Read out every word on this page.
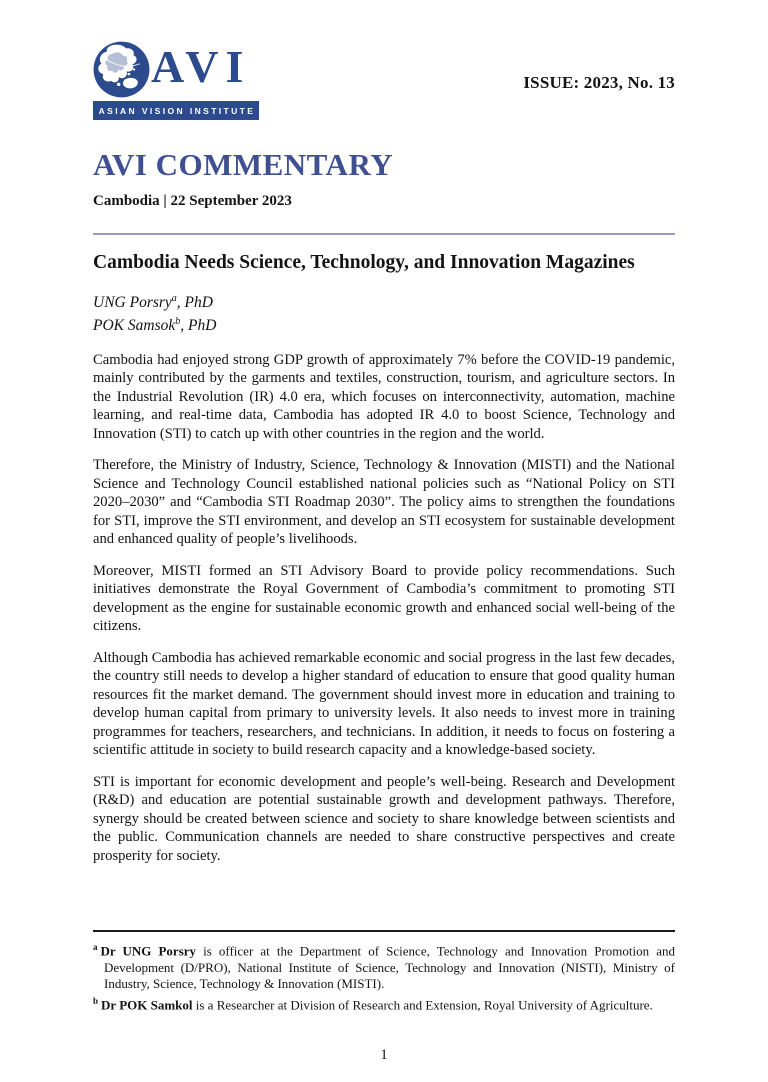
AVI
ASIAN VISION INSTITUTE
ISSUE: 2023, No. 13
AVI COMMENTARY
Cambodia | 22 September 2023
Cambodia Needs Science, Technology, and Innovation Magazines
UNG Porsry$^a$, PhD
POK Samsok$^b$, PhD

Cambodia had enjoyed strong GDP growth of approximately 7% before the COVID-19 pandemic, mainly contributed by the garments and textiles, construction, tourism, and agriculture sectors. In the Industrial Revolution (IR) 4.0 era, which focuses on interconnectivity, automation, machine learning, and real-time data, Cambodia has adopted IR 4.0 to boost Science, Technology and Innovation (STI) to catch up with other countries in the region and the world.

Therefore, the Ministry of Industry, Science, Technology & Innovation (MISTI) and the National Science and Technology Council established national policies such as “National Policy on STI 2020–2030” and “Cambodia STI Roadmap 2030”. The policy aims to strengthen the foundations for STI, improve the STI environment, and develop an STI ecosystem for sustainable development and enhanced quality of people’s livelihoods.

Moreover, MISTI formed an STI Advisory Board to provide policy recommendations. Such initiatives demonstrate the Royal Government of Cambodia’s commitment to promoting STI development as the engine for sustainable economic growth and enhanced social well-being of the citizens.

Although Cambodia has achieved remarkable economic and social progress in the last few decades, the country still needs to develop a higher standard of education to ensure that good quality human resources fit the market demand. The government should invest more in education and training to develop human capital from primary to university levels. It also needs to invest more in training programmes for teachers, researchers, and technicians. In addition, it needs to focus on fostering a scientific attitude in society to build research capacity and a knowledge-based society.

STI is important for economic development and people’s well-being. Research and Development (R&D) and education are potential sustainable growth and development pathways. Therefore, synergy should be created between science and society to share knowledge between scientists and the public. Communication channels are needed to share constructive perspectives and create prosperity for society.

$^a$ Dr UNG Porsry is officer at the Department of Science, Technology and Innovation Promotion and Development (D/PRO), National Institute of Science, Technology and Innovation (NISTI), Ministry of Industry, Science, Technology & Innovation (MISTI).
$^b$ Dr POK Samkol is a Researcher at Division of Research and Extension, Royal University of Agriculture.
1
